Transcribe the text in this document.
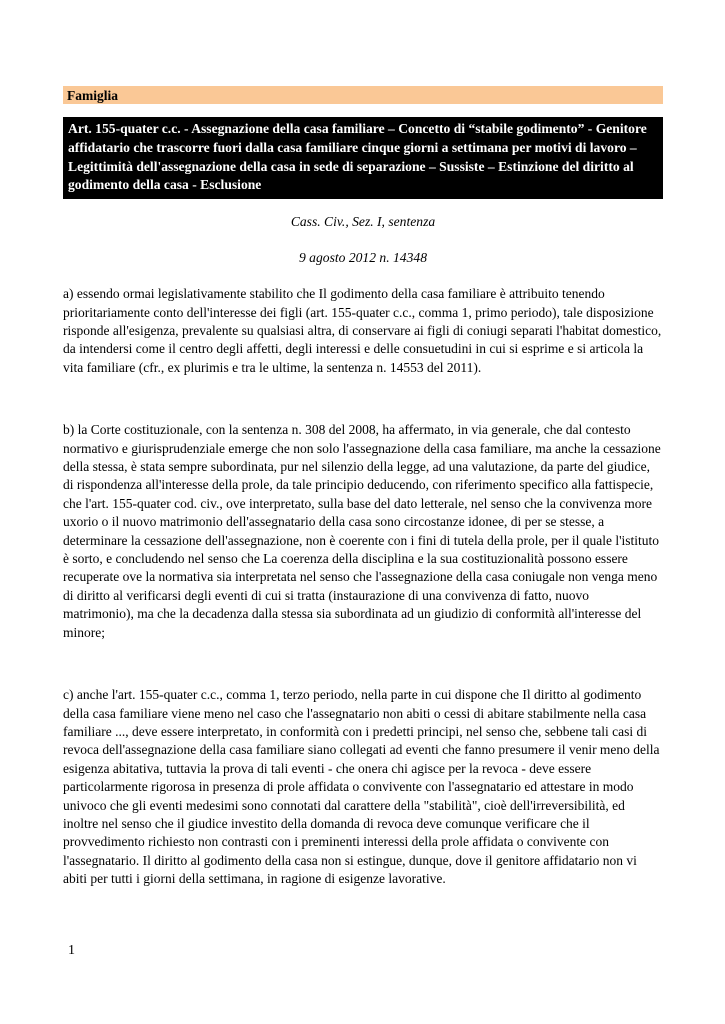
Famiglia
Art. 155-quater c.c. - Assegnazione della casa familiare – Concetto di “stabile godimento” - Genitore affidatario che trascorre fuori dalla casa familiare cinque giorni a settimana per motivi di lavoro – Legittimità dell'assegnazione della casa in sede di separazione – Sussiste – Estinzione del diritto al godimento della casa - Esclusione
Cass. Civ., Sez. I, sentenza
9 agosto 2012 n. 14348

a) essendo ormai legislativamente stabilito che Il godimento della casa familiare è attribuito tenendo prioritariamente conto dell'interesse dei figli (art. 155-quater c.c., comma 1, primo periodo), tale disposizione risponde all'esigenza, prevalente su qualsiasi altra, di conservare ai figli di coniugi separati l'habitat domestico, da intendersi come il centro degli affetti, degli interessi e delle consuetudini in cui si esprime e si articola la vita familiare (cfr., ex plurimis e tra le ultime, la sentenza n. 14553 del 2011).

b) la Corte costituzionale, con la sentenza n. 308 del 2008, ha affermato, in via generale, che dal contesto normativo e giurisprudenziale emerge che non solo l'assegnazione della casa familiare, ma anche la cessazione della stessa, è stata sempre subordinata, pur nel silenzio della legge, ad una valutazione, da parte del giudice, di rispondenza all'interesse della prole, da tale principio deducendo, con riferimento specifico alla fattispecie, che l'art. 155-quater cod. civ., ove interpretato, sulla base del dato letterale, nel senso che la convivenza more uxorio o il nuovo matrimonio dell'assegnatario della casa sono circostanze idonee, di per se stesse, a determinare la cessazione dell'assegnazione, non è coerente con i fini di tutela della prole, per il quale l'istituto è sorto, e concludendo nel senso che La coerenza della disciplina e la sua costituzionalità possono essere recuperate ove la normativa sia interpretata nel senso che l'assegnazione della casa coniugale non venga meno di diritto al verificarsi degli eventi di cui si tratta (instaurazione di una convivenza di fatto, nuovo matrimonio), ma che la decadenza dalla stessa sia subordinata ad un giudizio di conformità all'interesse del minore;

c) anche l'art. 155-quater c.c., comma 1, terzo periodo, nella parte in cui dispone che Il diritto al godimento della casa familiare viene meno nel caso che l'assegnatario non abiti o cessi di abitare stabilmente nella casa familiare ..., deve essere interpretato, in conformità con i predetti principi, nel senso che, sebbene tali casi di revoca dell'assegnazione della casa familiare siano collegati ad eventi che fanno presumere il venir meno della esigenza abitativa, tuttavia la prova di tali eventi - che onera chi agisce per la revoca - deve essere particolarmente rigorosa in presenza di prole affidata o convivente con l'assegnatario ed attestare in modo univoco che gli eventi medesimi sono connotati dal carattere della "stabilità", cioè dell'irreversibilità, ed inoltre nel senso che il giudice investito della domanda di revoca deve comunque verificare che il provvedimento richiesto non contrasti con i preminenti interessi della prole affidata o convivente con l'assegnatario. Il diritto al godimento della casa non si estingue, dunque, dove il genitore affidatario non vi abiti per tutti i giorni della settimana, in ragione di esigenze lavorative.

1
